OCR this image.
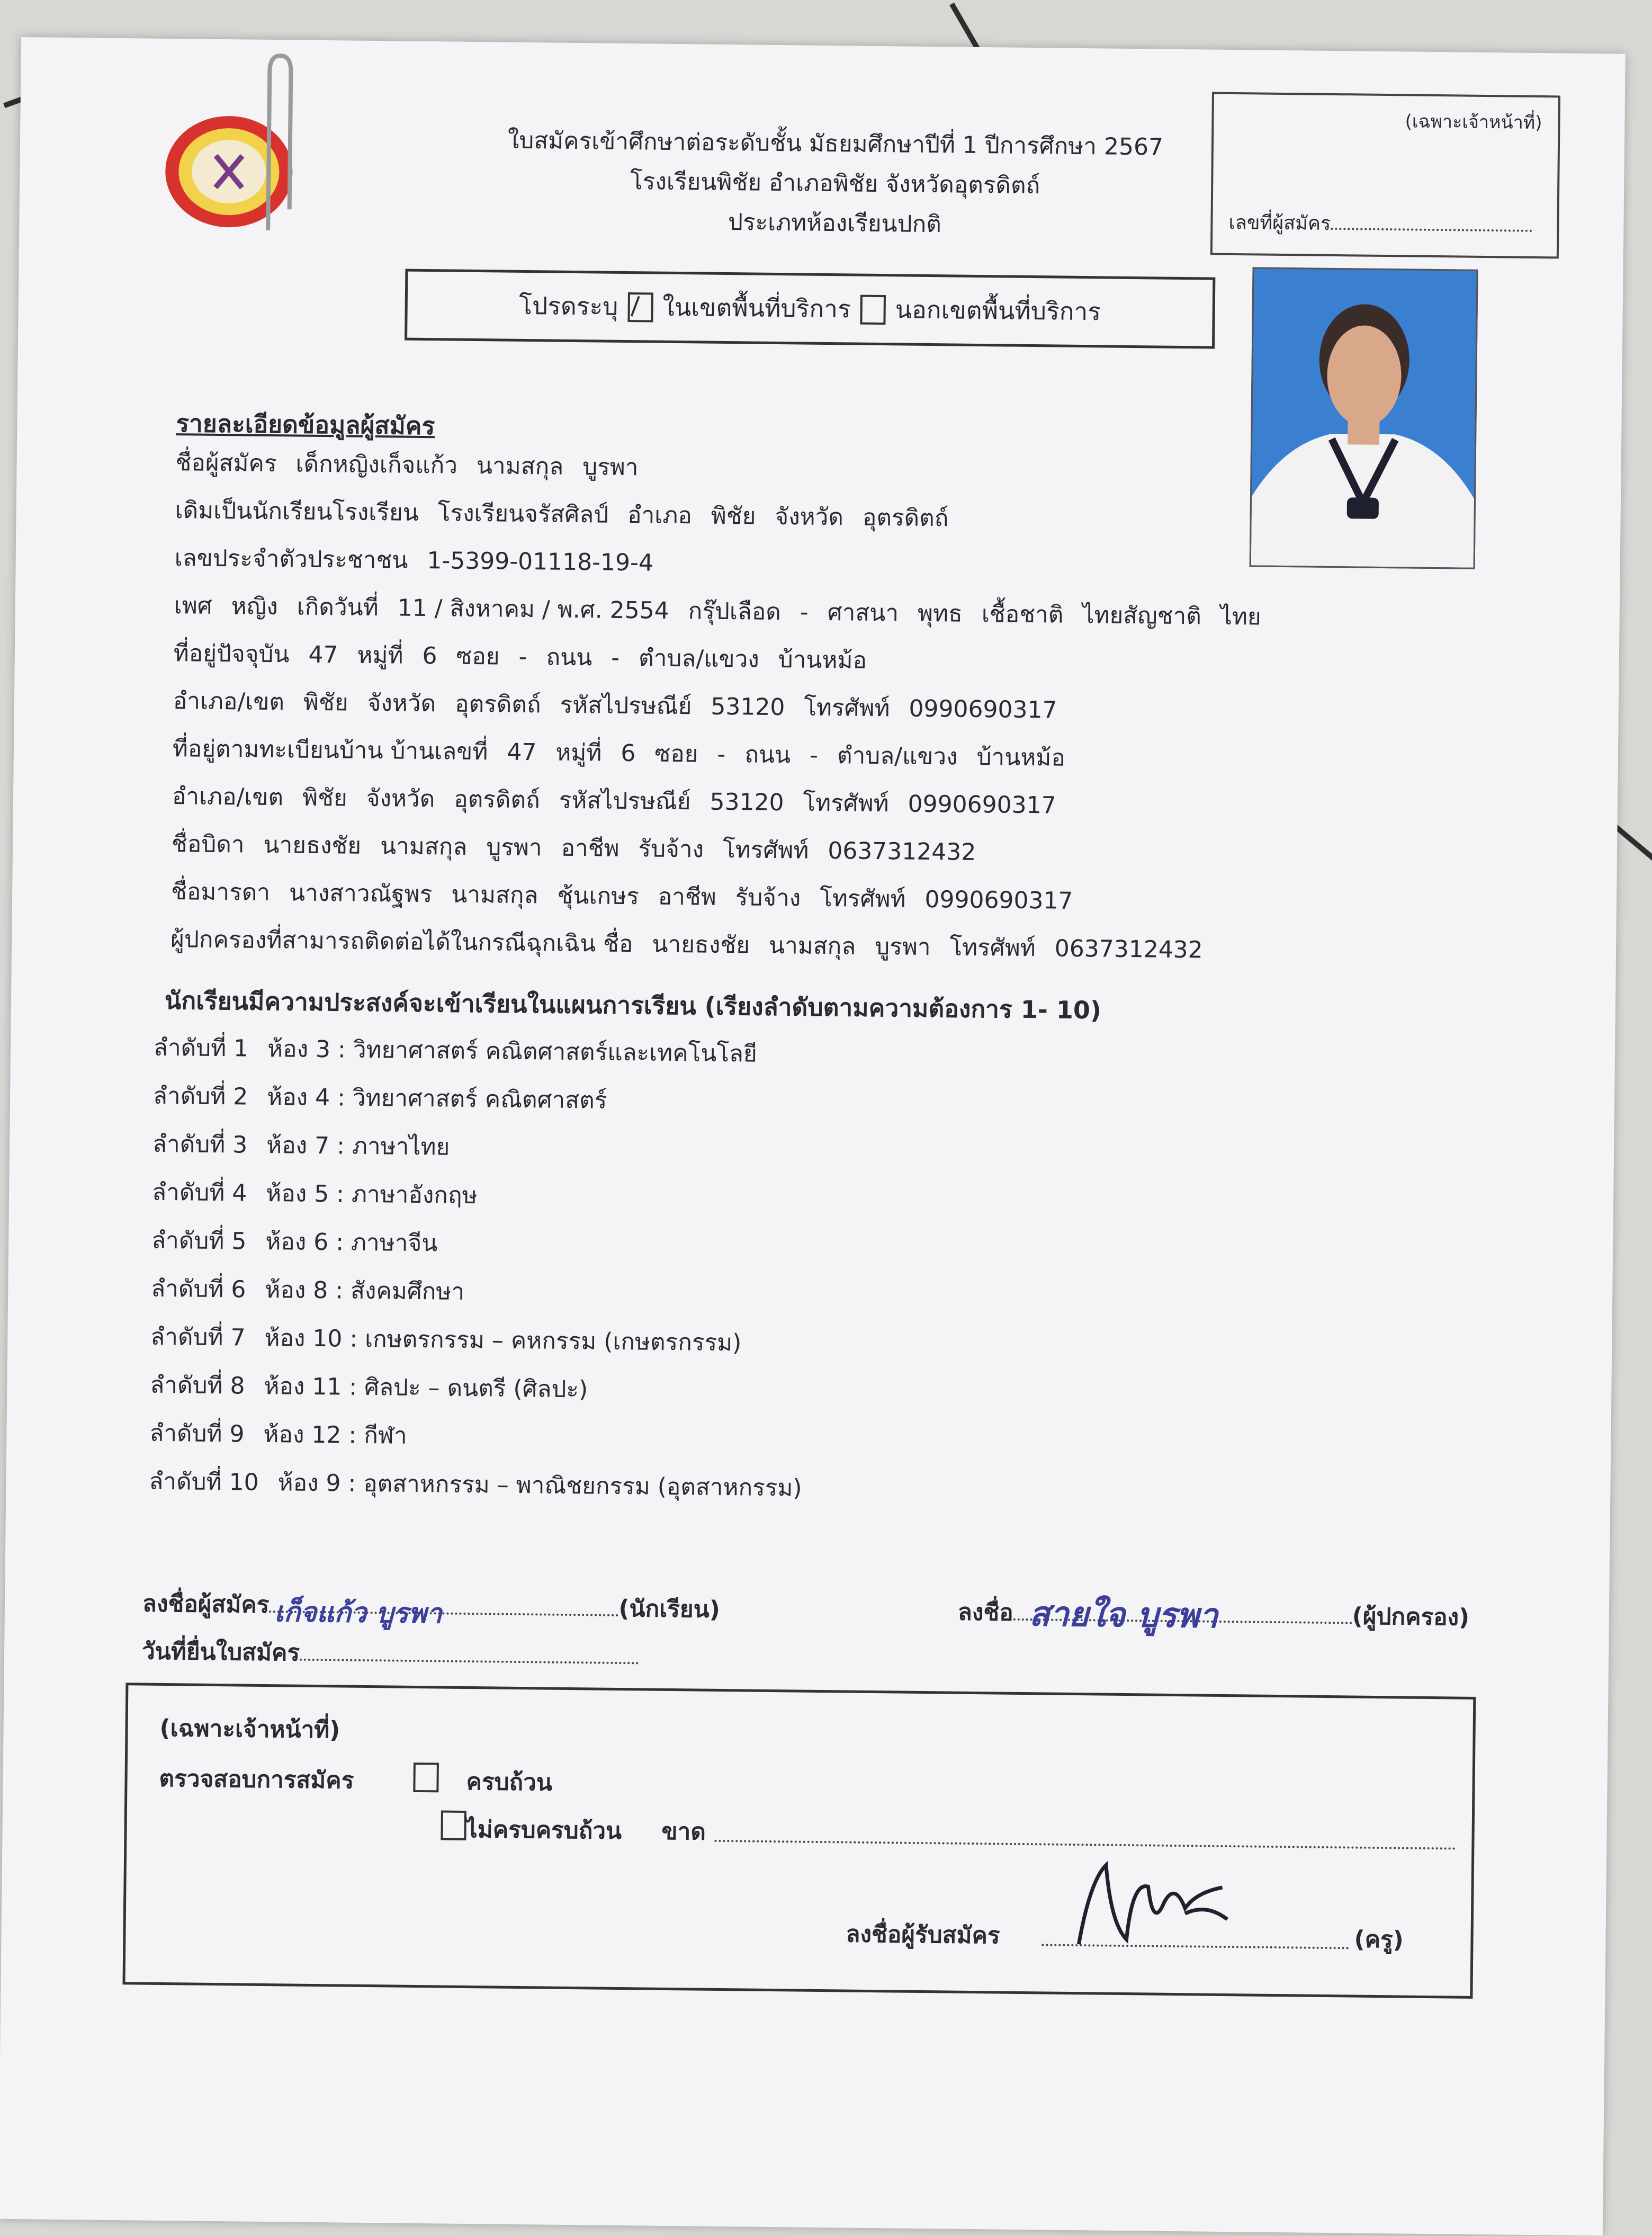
ใบสมัครเข้าศึกษาต่อระดับชั้น มัธยมศึกษาปีที่ 1 ปีการศึกษา 2567
โรงเรียนพิชัย อำเภอพิชัย จังหวัดอุตรดิตถ์
ประเภทห้องเรียนปกติ
(เฉพาะเจ้าหน้าที่)
เลขที่ผู้สมัคร
โปรดระบุ ในเขตพื้นที่บริการ นอกเขตพื้นที่บริการ
รายละเอียดข้อมูลผู้สมัคร
ชื่อผู้สมัคร เด็กหญิงเก็จแก้ว นามสกุล บูรพา
เดิมเป็นนักเรียนโรงเรียน โรงเรียนจรัสศิลป์ อำเภอ พิชัย จังหวัด อุตรดิตถ์
เลขประจำตัวประชาชน 1-5399-01118-19-4
เพศ หญิง เกิดวันที่ 11 / สิงหาคม / พ.ศ. 2554 กรุ๊ปเลือด - ศาสนา พุทธ เชื้อชาติ ไทยสัญชาติ ไทย
ที่อยู่ปัจจุบัน 47 หมู่ที่ 6 ซอย - ถนน - ตำบล/แขวง บ้านหม้อ
อำเภอ/เขต พิชัย จังหวัด อุตรดิตถ์ รหัสไปรษณีย์ 53120 โทรศัพท์ 0990690317
ที่อยู่ตามทะเบียนบ้าน บ้านเลขที่ 47 หมู่ที่ 6 ซอย - ถนน - ตำบล/แขวง บ้านหม้อ
อำเภอ/เขต พิชัย จังหวัด อุตรดิตถ์ รหัสไปรษณีย์ 53120 โทรศัพท์ 0990690317
ชื่อบิดา นายธงชัย นามสกุล บูรพา อาชีพ รับจ้าง โทรศัพท์ 0637312432
ชื่อมารดา นางสาวณัฐพร นามสกุล ชุ้นเกษร อาชีพ รับจ้าง โทรศัพท์ 0990690317
ผู้ปกครองที่สามารถติดต่อได้ในกรณีฉุกเฉิน ชื่อ นายธงชัย นามสกุล บูรพา โทรศัพท์ 0637312432
นักเรียนมีความประสงค์จะเข้าเรียนในแผนการเรียน (เรียงลำดับตามความต้องการ 1- 10)
ลำดับที่ 1 ห้อง 3 : วิทยาศาสตร์ คณิตศาสตร์และเทคโนโลยี
ลำดับที่ 2 ห้อง 4 : วิทยาศาสตร์ คณิตศาสตร์
ลำดับที่ 3 ห้อง 7 : ภาษาไทย
ลำดับที่ 4 ห้อง 5 : ภาษาอังกฤษ
ลำดับที่ 5 ห้อง 6 : ภาษาจีน
ลำดับที่ 6 ห้อง 8 : สังคมศึกษา
ลำดับที่ 7 ห้อง 10 : เกษตรกรรม – คหกรรม (เกษตรกรรม)
ลำดับที่ 8 ห้อง 11 : ศิลปะ – ดนตรี (ศิลปะ)
ลำดับที่ 9 ห้อง 12 : กีฬา
ลำดับที่ 10 ห้อง 9 : อุตสาหกรรม – พาณิชยกรรม (อุตสาหกรรม)
ลงชื่อผู้สมัคร เก็จแก้ว บูรพา	(นักเรียน)	ลงชื่อ สายใจ บูรพา	(ผู้ปกครอง)
วันที่ยื่นใบสมัคร
(เฉพาะเจ้าหน้าที่)
ตรวจสอบการสมัคร
	ครบถ้วน
ไม่ครบครบถ้วน ขาด
ลงชื่อผู้รับสมัคร	(ครู)
